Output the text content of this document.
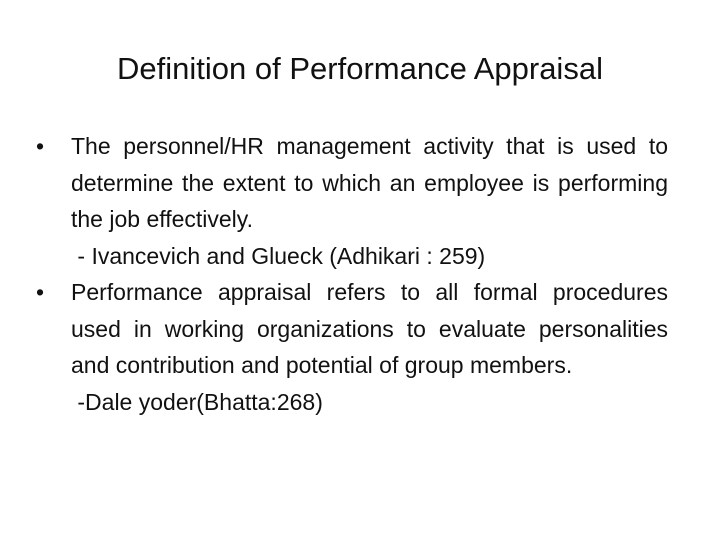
Definition of Performance Appraisal
•	The personnel/HR management activity that is used to determine the extent to which an employee is performing the job effectively.
- Ivancevich and Glueck (Adhikari : 259)
•	Performance appraisal refers to all formal procedures used in working organizations to evaluate personalities and contribution and potential of group members.
-Dale yoder(Bhatta:268)
